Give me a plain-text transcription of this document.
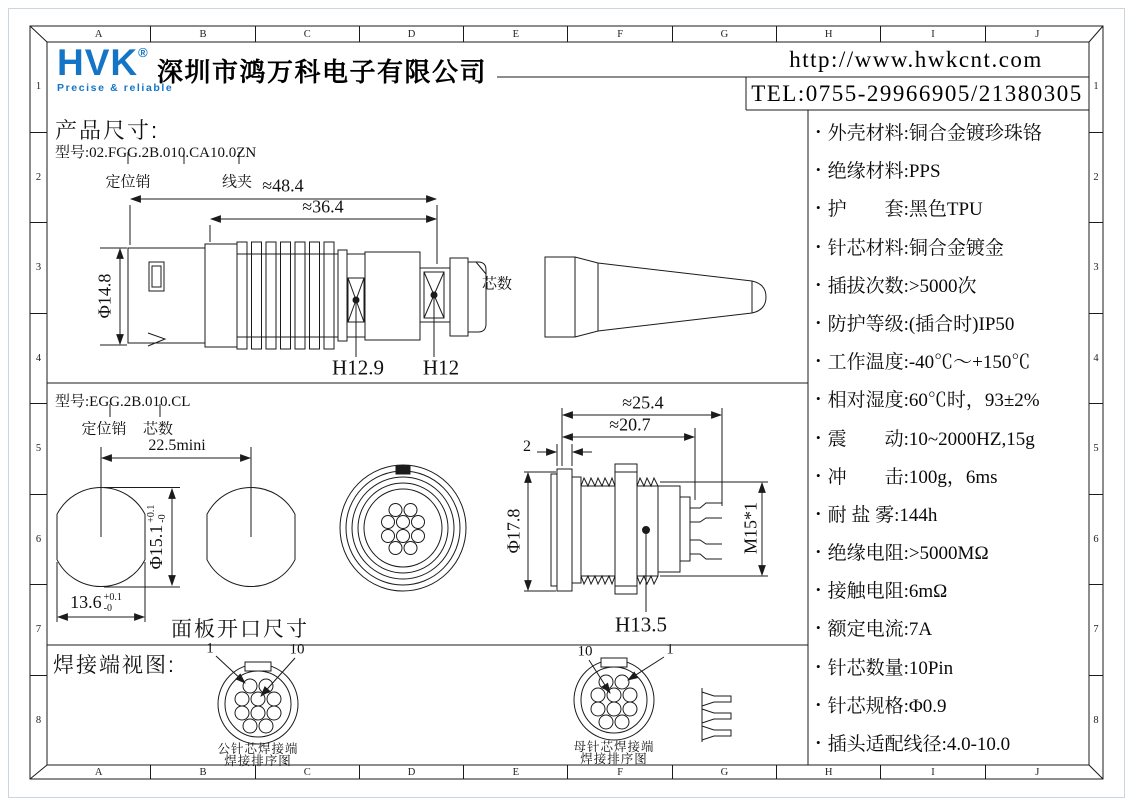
A	B	C	D	E	F	G	H	I	J
A	B	C	D	E	F	G	H	I	J
1
2
3
4
5
6
7
8
1
2
3
4
5
6
7
8
HVK®
Precise & reliable
深圳市鸿万科电子有限公司	http://www.hwkcnt.com
TEL:0755-29966905/21380305
产品尺寸:
型号:02.FGG.2B.010.CA10.0ZN
定位销	线夹 ≈48.4
≈36.4
Φ14.8	芯数
H12.9 H12
型号:EGG.2B.010.CL
定位销 芯数
22.5mini
Φ15.1
+0.1 -0
13.6 +0.1
-0
面板开口尺寸
≈25.4
≈20.7
2
Φ17.8	M15*1
H13.5
焊接端视图:
1	10	10	1
公针芯焊接端
焊接排序图
母针芯焊接端
焊接排序图
• 外壳材料:铜合金镀珍珠铬
• 绝缘材料:PPS
• 护　　套:黑色TPU
• 针芯材料:铜合金镀金
• 插拔次数:>5000次
• 防护等级:(插合时)IP50
• 工作温度:-40℃～+150℃
• 相对湿度:60℃时，93±2%
• 震　　动:10~2000HZ,15g
• 冲　　击:100g，6ms
• 耐 盐 雾:144h
• 绝缘电阻:>5000MΩ
• 接触电阻:6mΩ
• 额定电流:7A
• 针芯数量:10Pin
• 针芯规格:Φ0.9
• 插头适配线径:4.0-10.0
